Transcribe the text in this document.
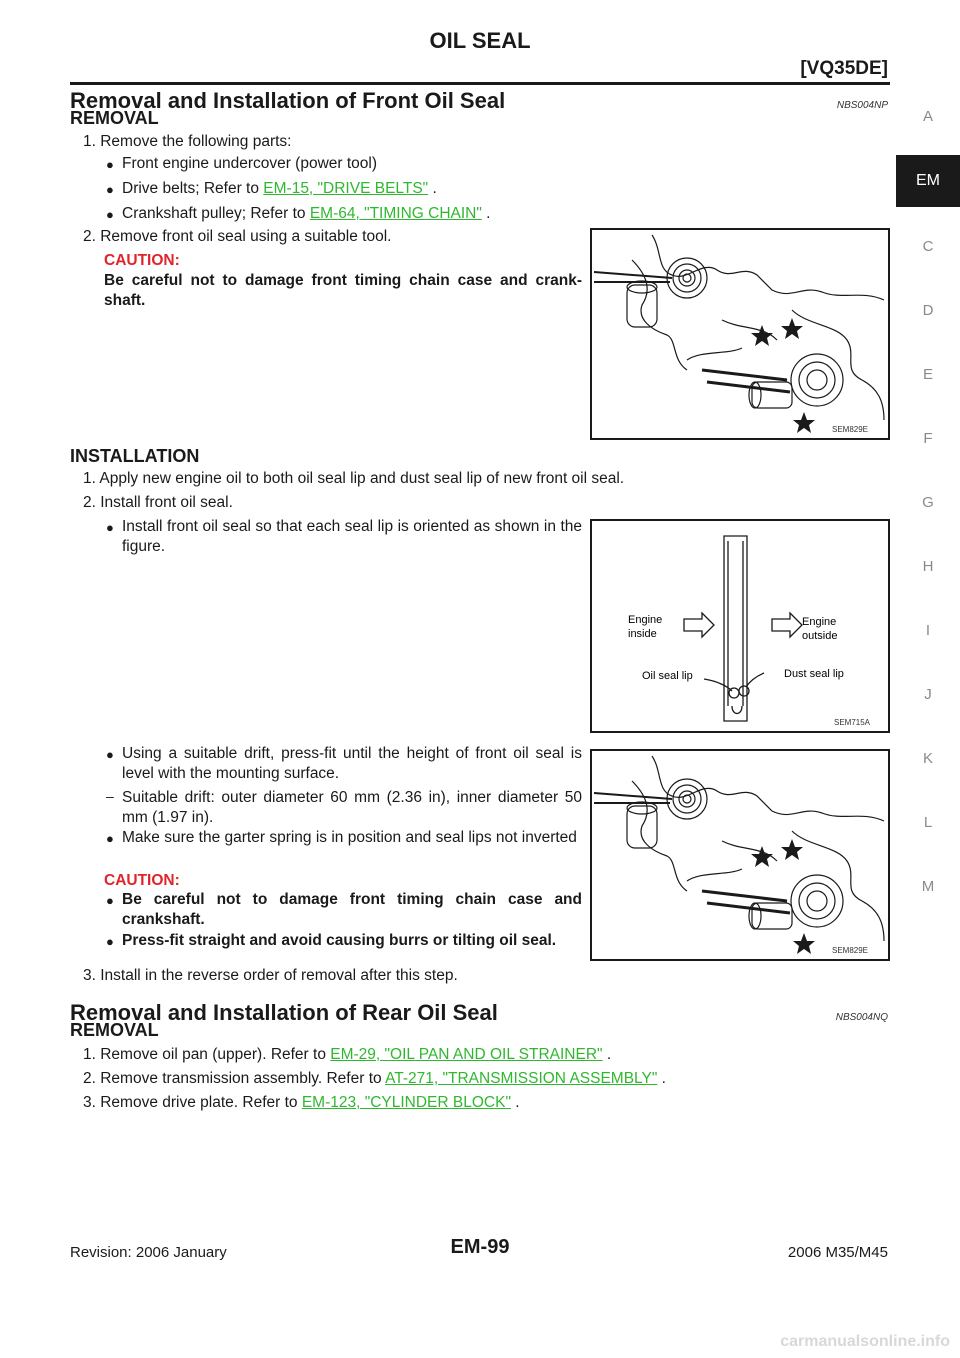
OIL SEAL
[VQ35DE]
A
EM
C
D
E
F
G
H
I
J
K
L
M
Removal and Installation of Front Oil Seal	NBS004NP
REMOVAL

1. Remove the following parts:

● Front engine undercover (power tool)

● Drive belts; Refer to EM-15, "DRIVE BELTS" .

● Crankshaft pulley; Refer to EM-64, "TIMING CHAIN" .

2. Remove front oil seal using a suitable tool.

CAUTION:

Be careful not to damage front timing chain case and crank-shaft.

SEM829E
INSTALLATION

1. Apply new engine oil to both oil seal lip and dust seal lip of new front oil seal.

2. Install front oil seal.

● Install front oil seal so that each seal lip is oriented as shown in the figure.

Engine
inside
Engine
outside
Oil seal lip	Dust seal lip
SEM715A
● Using a suitable drift, press-fit until the height of front oil seal is level with the mounting surface.

– Suitable drift: outer diameter 60 mm (2.36 in), inner diameter 50 mm (1.97 in).

● Make sure the garter spring is in position and seal lips not inverted

CAUTION:

● Be careful not to damage front timing chain case and crankshaft.

● Press-fit straight and avoid causing burrs or tilting oil seal.

SEM829E

3. Install in the reverse order of removal after this step.

Removal and Installation of Rear Oil Seal	NBS004NQ
REMOVAL

1. Remove oil pan (upper). Refer to EM-29, "OIL PAN AND OIL STRAINER" .

2. Remove transmission assembly. Refer to AT-271, "TRANSMISSION ASSEMBLY" .

3. Remove drive plate. Refer to EM-123, "CYLINDER BLOCK" .

Revision: 2006 January	EM-99	2006 M35/M45
carmanualsonline.info
